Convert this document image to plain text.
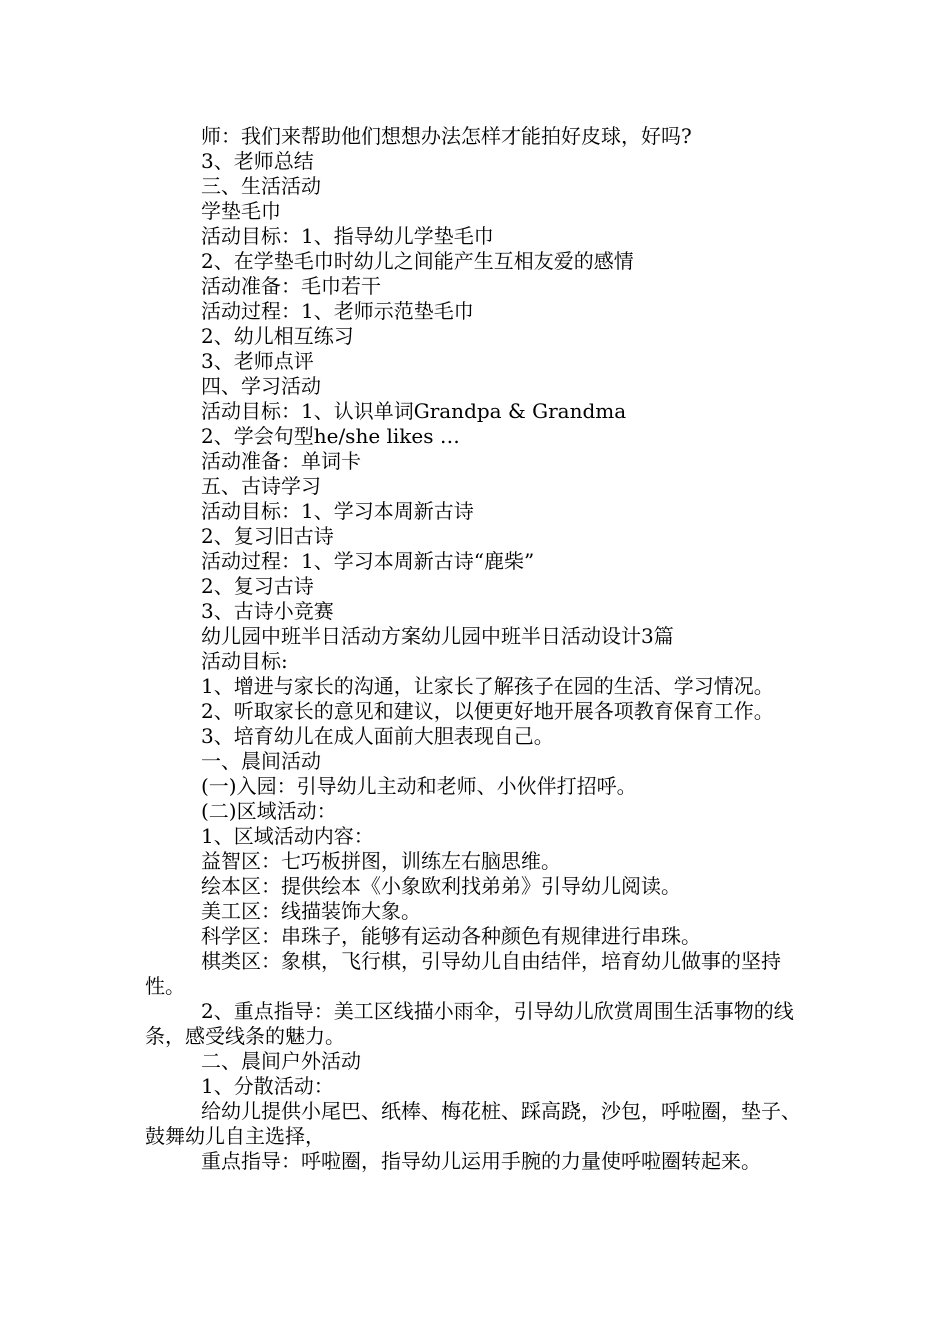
师：我们来帮助他们想想办法怎样才能拍好皮球，好吗?
3、老师总结
三、生活活动
学垫毛巾
活动目标：1、指导幼儿学垫毛巾
2、在学垫毛巾时幼儿之间能产生互相友爱的感情
活动准备：毛巾若干
活动过程：1、老师示范垫毛巾
2、幼儿相互练习
3、老师点评
四、学习活动
活动目标：1、认识单词Grandpa & Grandma
2、学会句型he/she likes …
活动准备：单词卡
五、古诗学习
活动目标：1、学习本周新古诗
2、复习旧古诗
活动过程：1、学习本周新古诗“鹿柴”
2、复习古诗
3、古诗小竞赛
幼儿园中班半日活动方案幼儿园中班半日活动设计3篇
活动目标:
1、增进与家长的沟通，让家长了解孩子在园的生活、学习情况。
2、听取家长的意见和建议，以便更好地开展各项教育保育工作。
3、培育幼儿在成人面前大胆表现自己。
一、晨间活动
(一)入园：引导幼儿主动和老师、小伙伴打招呼。
(二)区域活动：
1、区域活动内容：
益智区：七巧板拼图，训练左右脑思维。
绘本区：提供绘本《小象欧利找弟弟》引导幼儿阅读。
美工区：线描装饰大象。
科学区：串珠子，能够有运动各种颜色有规律进行串珠。
棋类区：象棋，飞行棋，引导幼儿自由结伴，培育幼儿做事的坚持性。
2、重点指导：美工区线描小雨伞，引导幼儿欣赏周围生活事物的线条，感受线条的魅力。
二、晨间户外活动
1、分散活动：
给幼儿提供小尾巴、纸棒、梅花桩、踩高跷，沙包，呼啦圈，垫子、鼓舞幼儿自主选择，
重点指导：呼啦圈，指导幼儿运用手腕的力量使呼啦圈转起来。
